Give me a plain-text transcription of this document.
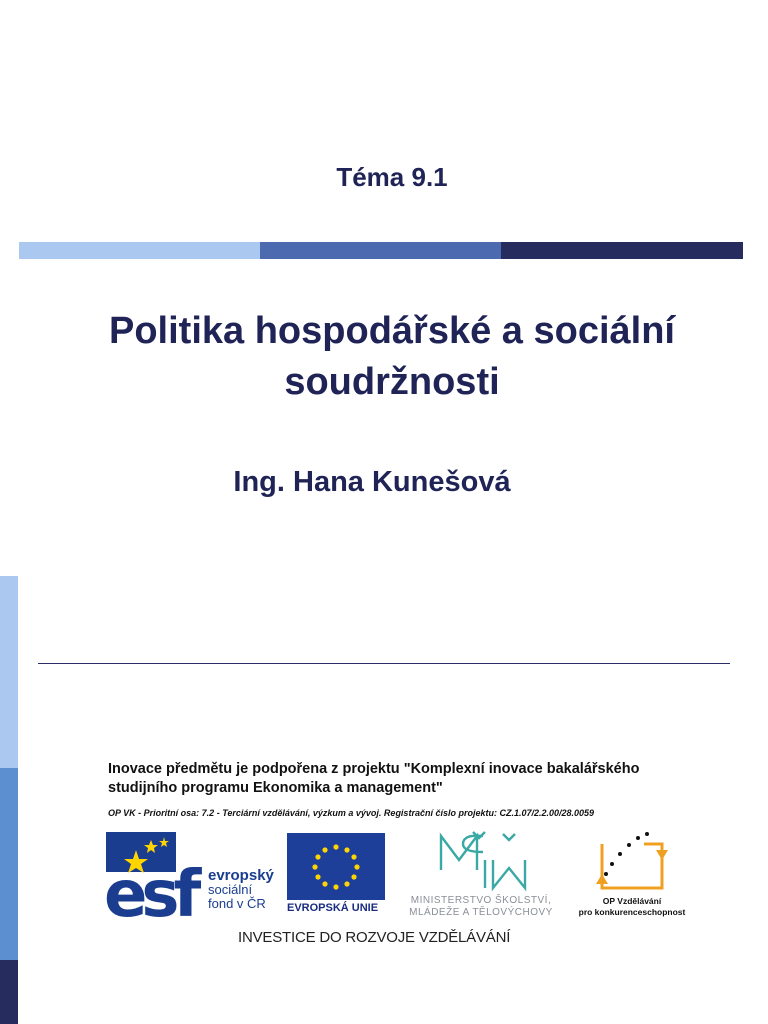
Téma 9.1
Politika hospodářské a sociální
soudržnosti
Ing. Hana Kunešová
Inovace předmětu je podpořena z projektu "Komplexní inovace bakalářského
studijního programu Ekonomika a management"
OP VK - Prioritní osa: 7.2 - Terciární vzdělávání, výzkum a vývoj. Registrační číslo projektu: CZ.1.07/2.2.00/28.0059
esf evropský
sociální
fond v ČR	EVROPSKÁ UNIE
MINISTERSTVO ŠKOLSTVÍ,
MLÁDEŽE A TĚLOVÝCHOVY
OP Vzdělávání
pro konkurenceschopnost
INVESTICE DO ROZVOJE VZDĚLÁVÁNÍ
